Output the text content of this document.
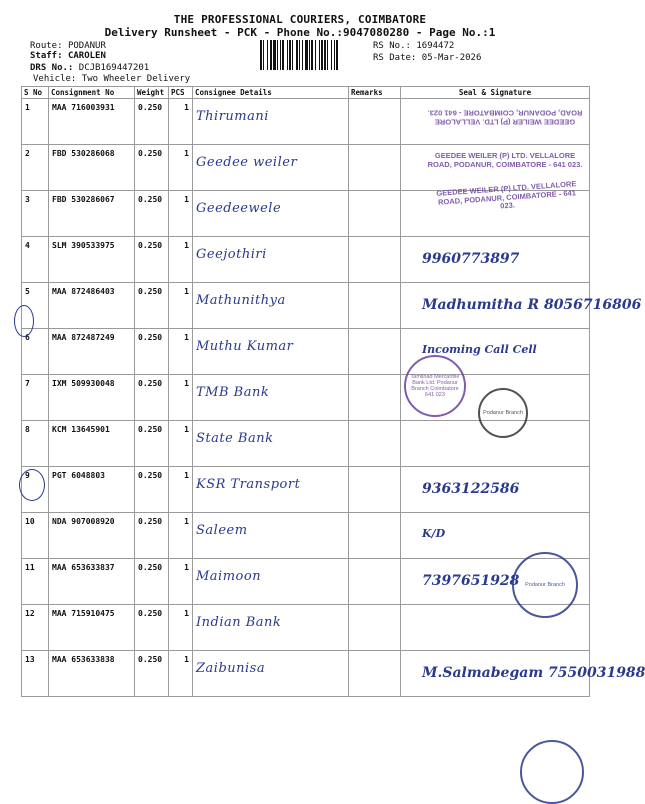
THE PROFESSIONAL COURIERS, COIMBATORE
Delivery Runsheet - PCK - Phone No.:9047080280 - Page No.:1
Route: PODANUR
Staff: CAROLEN
DRS No.: DCJB169447201
Vehicle: Two Wheeler Delivery
RS No.: 1694472
RS Date: 05-Mar-2026
S No	Consignment No	Weight	PCS	Consignee Details	Remarks	Seal & Signature
1	MAA 716003931	0.250	1	Thirumani		

2	FBD 530286068	0.250	1	Geedee weiler		

3	FBD 530286067	0.250	1	Geedeewele		

4	SLM 390533975	0.250	1	Geejothiri		9960773897

5	MAA 872486403	0.250	1	Mathunithya		Madhumitha R 8056716806

6	MAA 872487249	0.250	1	Muthu Kumar		Incoming Call Cell

7	IXM 509930048	0.250	1	TMB Bank		

8	KCM 13645901	0.250	1	State Bank		

9	PGT 6048803	0.250	1	KSR Transport		9363122586

10	NDA 907008920	0.250	1	Saleem		K/D

11	MAA 653633837	0.250	1	Maimoon		7397651928

12	MAA 715910475	0.250	1	Indian Bank		

13	MAA 653633838	0.250	1	Zaibunisa		M.Salmabegam 7550031988
GEEDEE WEILER (P) LTD. VELLALORE ROAD, PODANUR, COIMBATORE - 641 023.
GEEDEE WEILER (P) LTD. VELLALORE ROAD, PODANUR, COIMBATORE - 641 023.
GEEDEE WEILER (P) LTD. VELLALORE ROAD, PODANUR, COIMBATORE - 641 023.
Tamilnad Mercantile Bank Ltd. Podanur Branch Coimbatore 641 023
Podanur Branch
Podanur Branch
